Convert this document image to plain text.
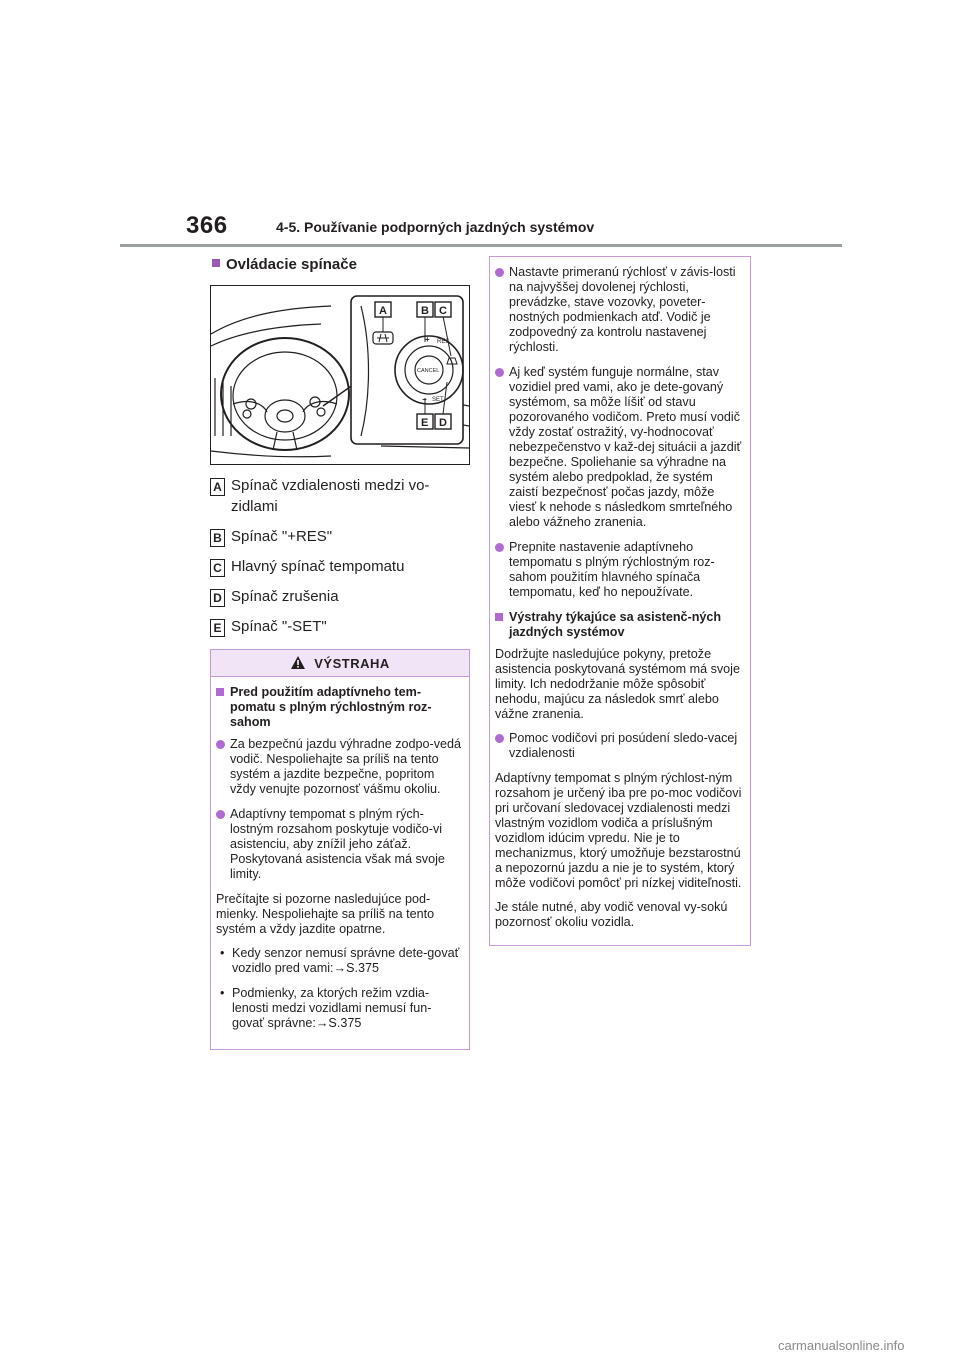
366	4-5. Používanie podporných jazdných systémov
Ovládacie spínače
RES
+
CANCEL
SET
−
A	B C
E D
A Spínač vzdialenosti medzi vo-zidlami
B Spínač "+RES"
C Hlavný spínač tempomatu
D Spínač zrušenia
E Spínač "-SET"
VÝSTRAHA
Pred použitím adaptívneho tem-pomatu s plným rýchlostným roz-sahom
Za bezpečnú jazdu výhradne zodpo-vedá vodič. Nespoliehajte sa príliš na tento systém a jazdite bezpečne, popritom vždy venujte pozornosť vášmu okoliu.
Adaptívny tempomat s plným rých-lostným rozsahom poskytuje vodičo-vi asistenciu, aby znížil jeho záťaž. Poskytovaná asistencia však má svoje limity.

Prečítajte si pozorne nasledujúce pod-mienky. Nespoliehajte sa príliš na tento systém a vždy jazdite opatrne.

• Kedy senzor nemusí správne dete-govať vozidlo pred vami:→S.375
• Podmienky, za ktorých režim vzdia-lenosti medzi vozidlami nemusí fun-govať správne:→S.375
Nastavte primeranú rýchlosť v závis-losti na najvyššej dovolenej rýchlosti, prevádzke, stave vozovky, poveter-nostných podmienkach atď. Vodič je zodpovedný za kontrolu nastavenej rýchlosti.
Aj keď systém funguje normálne, stav vozidiel pred vami, ako je dete-govaný systémom, sa môže líšiť od stavu pozorovaného vodičom. Preto musí vodič vždy zostať ostražitý, vy-hodnocovať nebezpečenstvo v kaž-dej situácii a jazdiť bezpečne. Spoliehanie sa výhradne na systém alebo predpoklad, že systém zaistí bezpečnosť počas jazdy, môže viesť k nehode s následkom smrteľného alebo vážneho zranenia.
Prepnite nastavenie adaptívneho tempomatu s plným rýchlostným roz-sahom použitím hlavného spínača tempomatu, keď ho nepoužívate.
Výstrahy týkajúce sa asistenč-ných jazdných systémov

Dodržujte nasledujúce pokyny, pretože asistencia poskytovaná systémom má svoje limity. Ich nedodržanie môže spôsobiť nehodu, majúcu za následok smrť alebo vážne zranenia.

Pomoc vodičovi pri posúdení sledo-vacej vzdialenosti

Adaptívny tempomat s plným rýchlost-ným rozsahom je určený iba pre po-moc vodičovi pri určovaní sledovacej vzdialenosti medzi vlastným vozidlom vodiča a príslušným vozidlom idúcim vpredu. Nie je to mechanizmus, ktorý umožňuje bezstarostnú a nepozornú jazdu a nie je to systém, ktorý môže vodičovi pomôcť pri nízkej viditeľnosti.

Je stále nutné, aby vodič venoval vy-sokú pozornosť okoliu vozidla.

carmanualsonline.info
